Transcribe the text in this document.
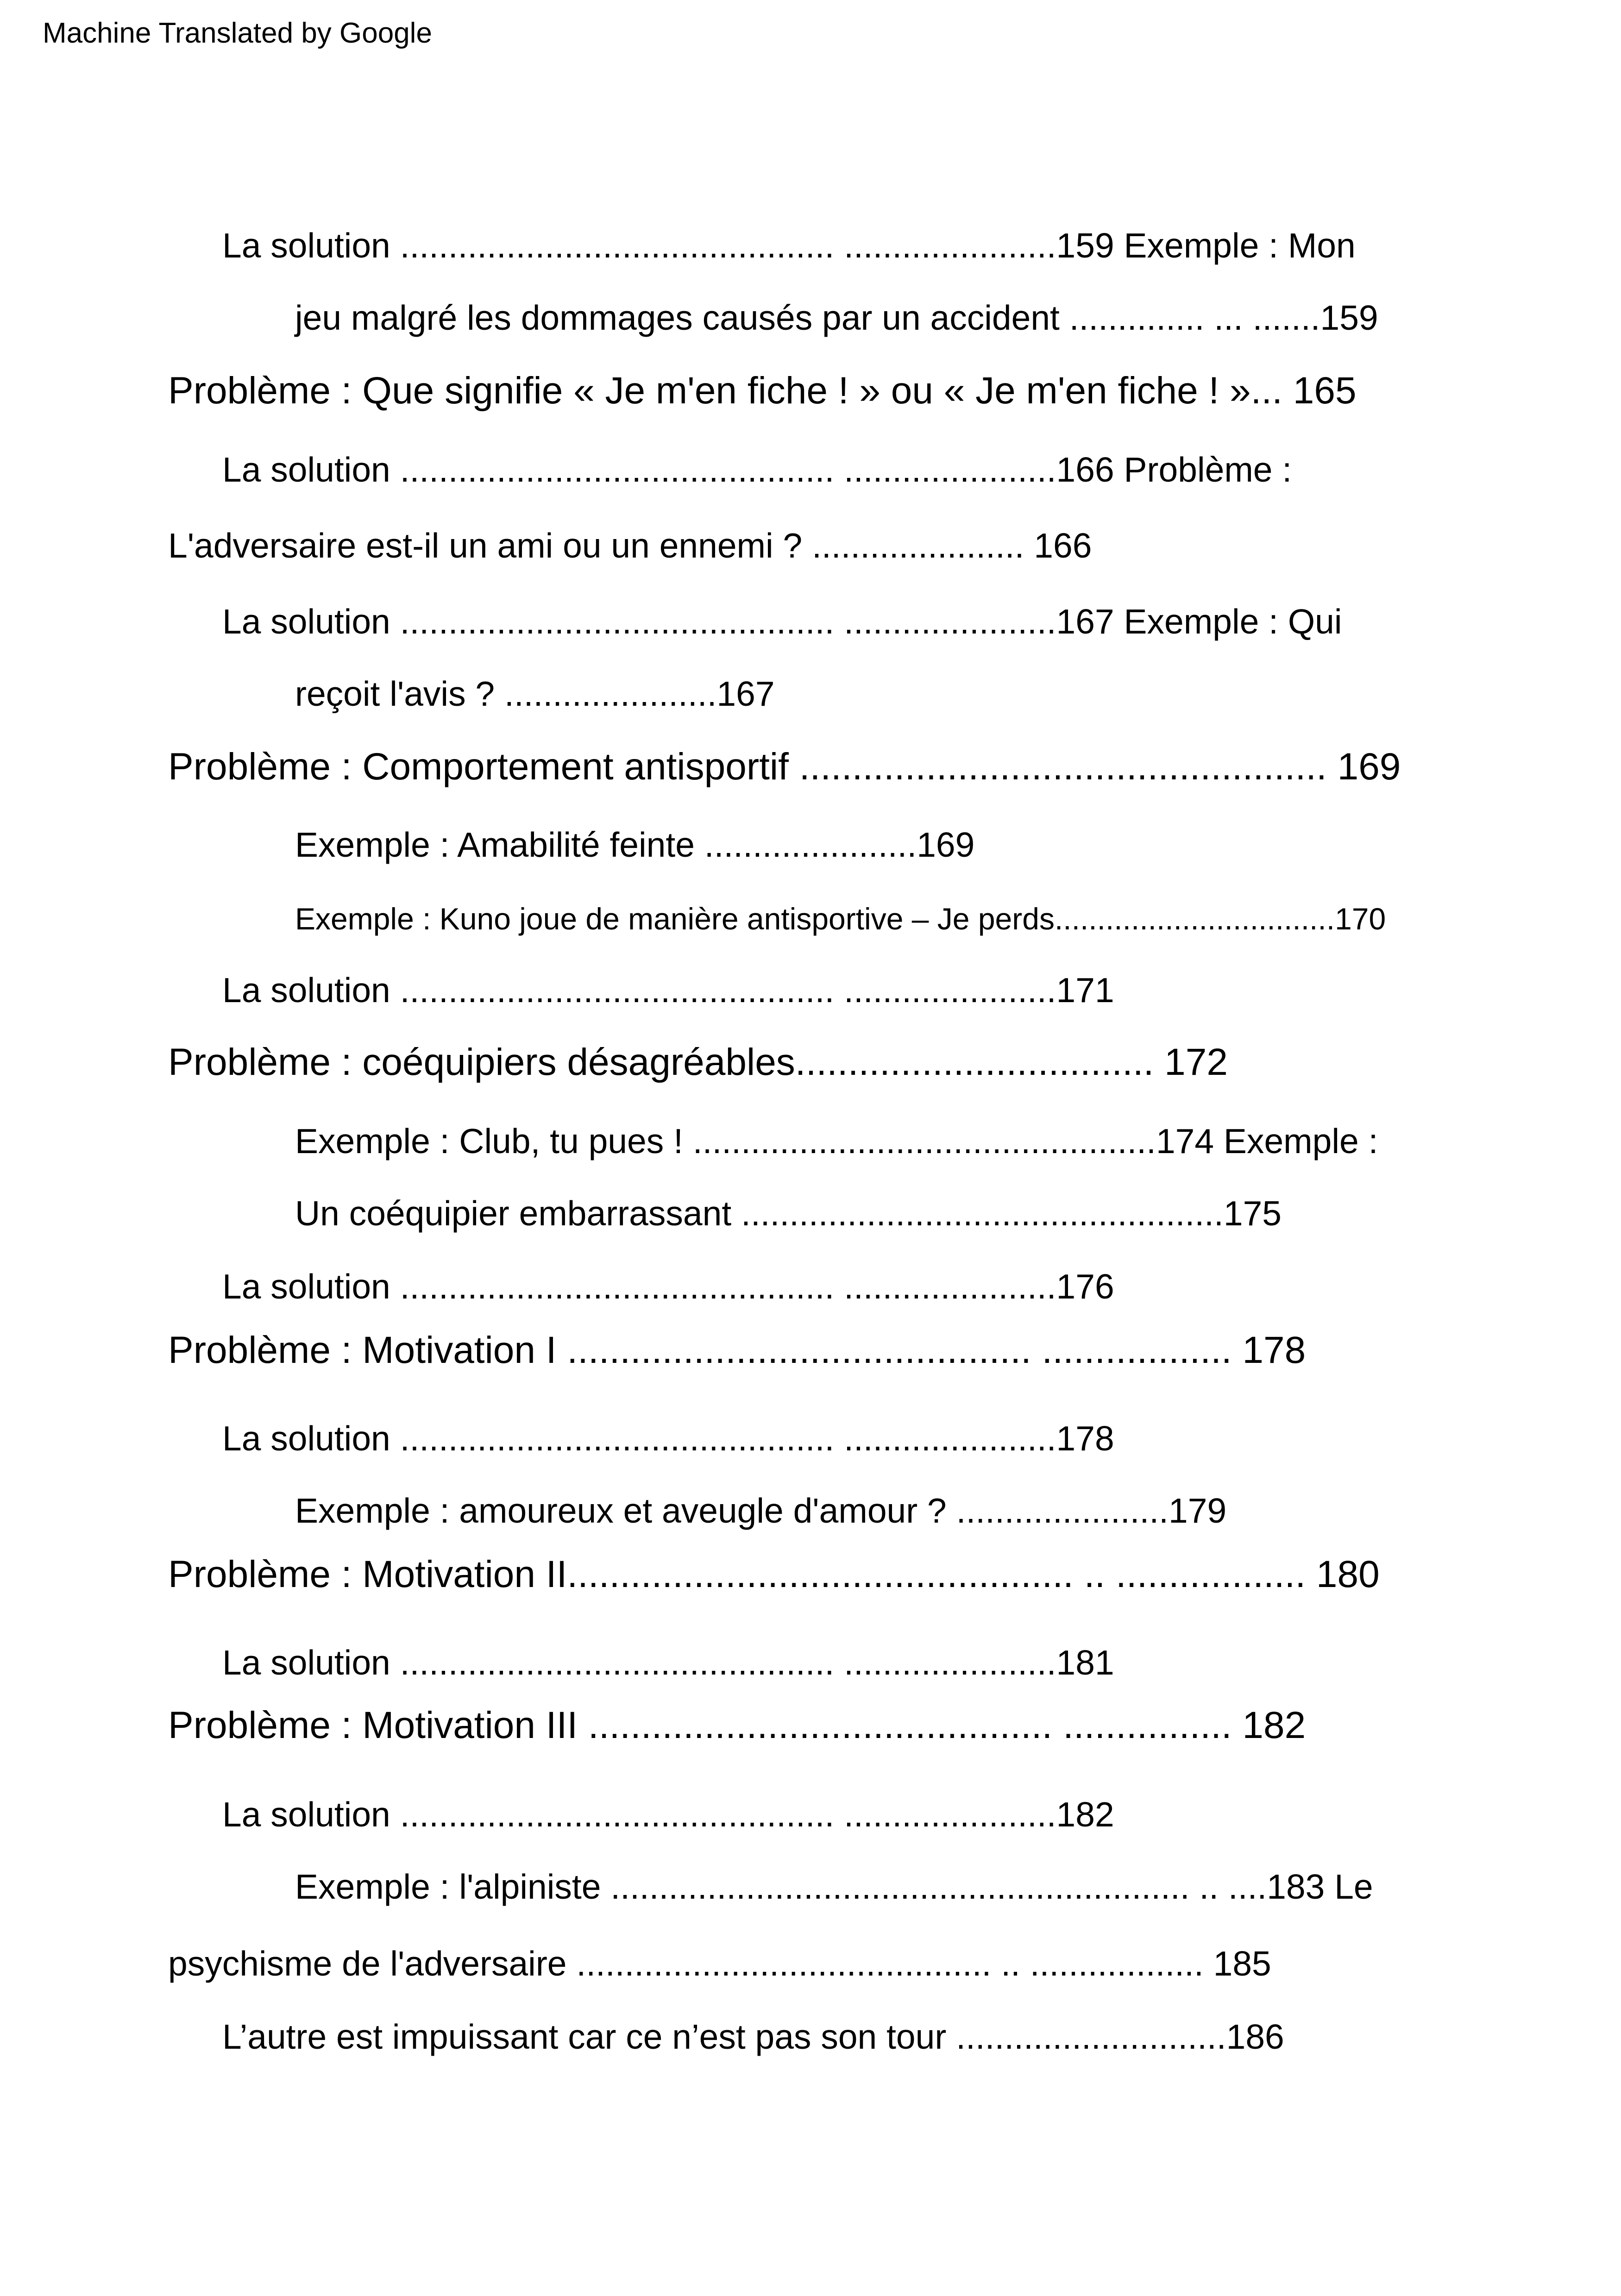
Machine Translated by Google
La solution ............................................. ......................159 Exemple : Mon
jeu malgré les dommages causés par un accident .............. ... .......159
Problème : Que signifie « Je m'en fiche ! » ou « Je m'en fiche ! »... 165
La solution ............................................. ......................166 Problème :
L'adversaire est-il un ami ou un ennemi ? ...................... 166
La solution ............................................. ......................167 Exemple : Qui
reçoit l'avis ? ......................167
Problème : Comportement antisportif .................................................. 169
Exemple : Amabilité feinte ......................169
Exemple : Kuno joue de manière antisportive – Je perds.................................170
La solution ............................................. ......................171
Problème : coéquipiers désagréables.................................. 172
Exemple : Club, tu pues ! ................................................174 Exemple :
Un coéquipier embarrassant ..................................................175
La solution ............................................. ......................176
Problème : Motivation I ............................................ .................. 178
La solution ............................................. ......................178
Exemple : amoureux et aveugle d'amour ? ......................179
Problème : Motivation II................................................ .. .................. 180
La solution ............................................. ......................181
Problème : Motivation III ............................................ ................ 182
La solution ............................................. ......................182
Exemple : l'alpiniste ............................................................ .. ....183 Le
psychisme de l'adversaire ........................................... .. .................. 185
L’autre est impuissant car ce n’est pas son tour ............................186
